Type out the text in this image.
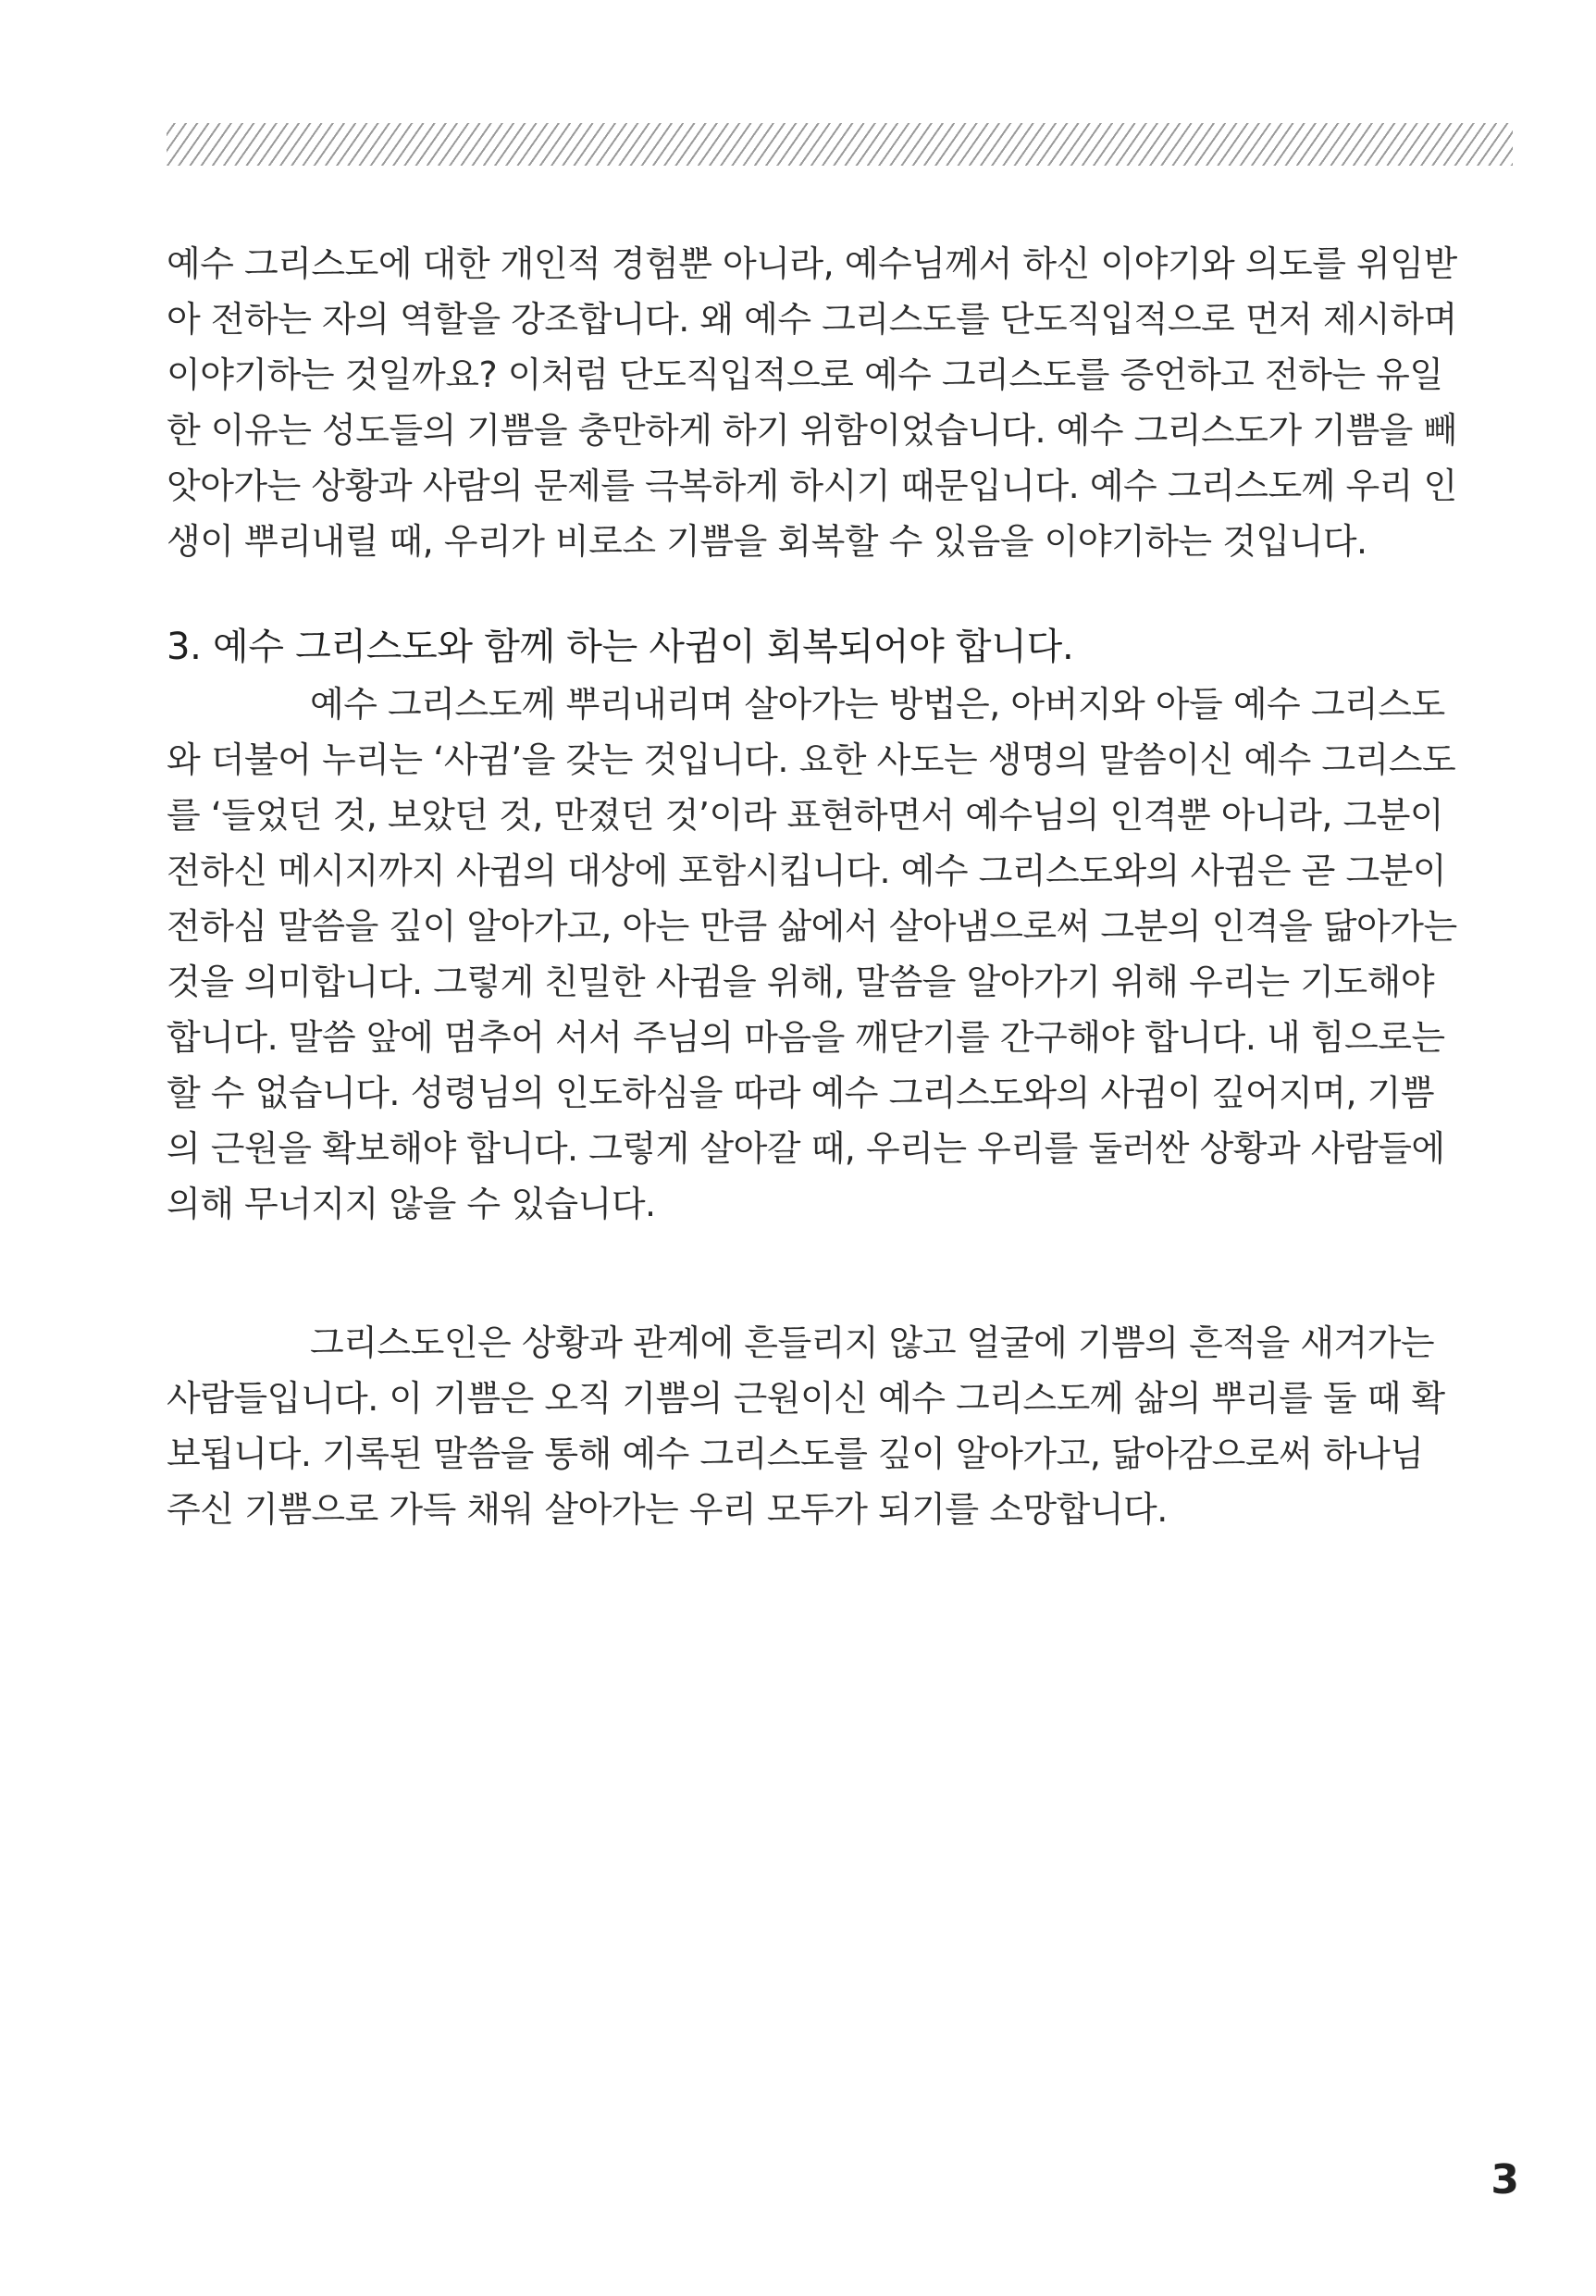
예수 그리스도에 대한 개인적 경험뿐 아니라, 예수님께서 하신 이야기와 의도를 위임받
아 전하는 자의 역할을 강조합니다. 왜 예수 그리스도를 단도직입적으로 먼저 제시하며
이야기하는 것일까요? 이처럼 단도직입적으로 예수 그리스도를 증언하고 전하는 유일
한 이유는 성도들의 기쁨을 충만하게 하기 위함이었습니다. 예수 그리스도가 기쁨을 빼
앗아가는 상황과 사람의 문제를 극복하게 하시기 때문입니다. 예수 그리스도께 우리 인
생이 뿌리내릴 때, 우리가 비로소 기쁨을 회복할 수 있음을 이야기하는 것입니다.
3. 예수 그리스도와 함께 하는 사귐이 회복되어야 합니다.
예수 그리스도께 뿌리내리며 살아가는 방법은, 아버지와 아들 예수 그리스도
와 더불어 누리는 ‘사귐’을 갖는 것입니다. 요한 사도는 생명의 말씀이신 예수 그리스도
를 ‘들었던 것, 보았던 것, 만졌던 것’이라 표현하면서 예수님의 인격뿐 아니라, 그분이
전하신 메시지까지 사귐의 대상에 포함시킵니다. 예수 그리스도와의 사귐은 곧 그분이
전하심 말씀을 깊이 알아가고, 아는 만큼 삶에서 살아냄으로써 그분의 인격을 닮아가는
것을 의미합니다. 그렇게 친밀한 사귐을 위해, 말씀을 알아가기 위해 우리는 기도해야
합니다. 말씀 앞에 멈추어 서서 주님의 마음을 깨닫기를 간구해야 합니다. 내 힘으로는
할 수 없습니다. 성령님의 인도하심을 따라 예수 그리스도와의 사귐이 깊어지며, 기쁨
의 근원을 확보해야 합니다. 그렇게 살아갈 때, 우리는 우리를 둘러싼 상황과 사람들에
의해 무너지지 않을 수 있습니다.
그리스도인은 상황과 관계에 흔들리지 않고 얼굴에 기쁨의 흔적을 새겨가는
사람들입니다. 이 기쁨은 오직 기쁨의 근원이신 예수 그리스도께 삶의 뿌리를 둘 때 확
보됩니다. 기록된 말씀을 통해 예수 그리스도를 깊이 알아가고, 닮아감으로써 하나님
주신 기쁨으로 가득 채워 살아가는 우리 모두가 되기를 소망합니다.
3
